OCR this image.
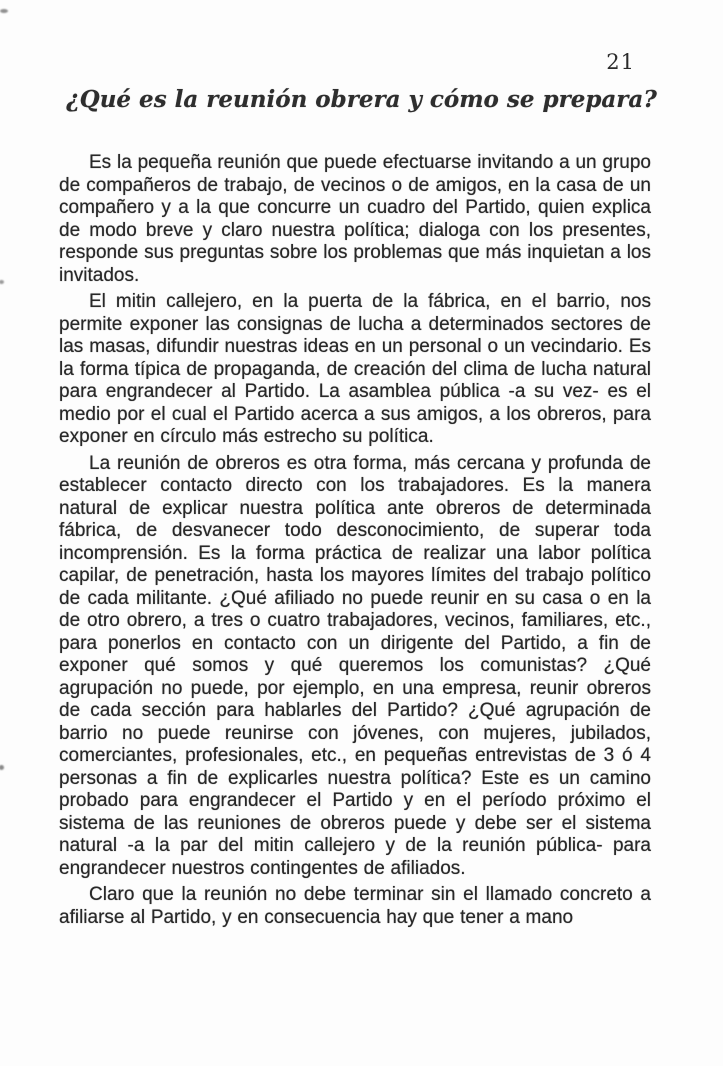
21
¿Qué es la reunión obrera y cómo se prepara?

Es la pequeña reunión que puede efectuarse invitando a un grupo de compañeros de trabajo, de vecinos o de amigos, en la casa de un compañero y a la que concurre un cuadro del Partido, quien explica de modo breve y claro nuestra política; dialoga con los presentes, responde sus preguntas sobre los problemas que más inquietan a los invitados.

El mitin callejero, en la puerta de la fábrica, en el barrio, nos permite exponer las consignas de lucha a determinados sectores de las masas, difundir nuestras ideas en un personal o un vecindario. Es la forma típica de propaganda, de creación del clima de lucha natural para engrandecer al Partido. La asamblea pública -a su vez- es el medio por el cual el Partido acerca a sus amigos, a los obreros, para exponer en círculo más estrecho su política.

La reunión de obreros es otra forma, más cercana y profunda de establecer contacto directo con los trabajadores. Es la manera natural de explicar nuestra política ante obreros de determinada fábrica, de desvanecer todo desconocimiento, de superar toda incomprensión. Es la forma práctica de realizar una labor política capilar, de penetración, hasta los mayores límites del trabajo político de cada militante. ¿Qué afiliado no puede reunir en su casa o en la de otro obrero, a tres o cuatro trabajadores, vecinos, familiares, etc., para ponerlos en contacto con un dirigente del Partido, a fin de exponer qué somos y qué queremos los comunistas? ¿Qué agrupación no puede, por ejemplo, en una empresa, reunir obreros de cada sección para hablarles del Partido? ¿Qué agrupación de barrio no puede reunirse con jóvenes, con mujeres, jubilados, comerciantes, profesionales, etc., en pequeñas entrevistas de 3 ó 4 personas a fin de explicarles nuestra política? Este es un camino probado para engrandecer el Partido y en el período próximo el sistema de las reuniones de obreros puede y debe ser el sistema natural -a la par del mitin callejero y de la reunión pública- para engrandecer nuestros contingentes de afiliados.

Claro que la reunión no debe terminar sin el llamado concreto a afiliarse al Partido, y en consecuencia hay que tener a mano
